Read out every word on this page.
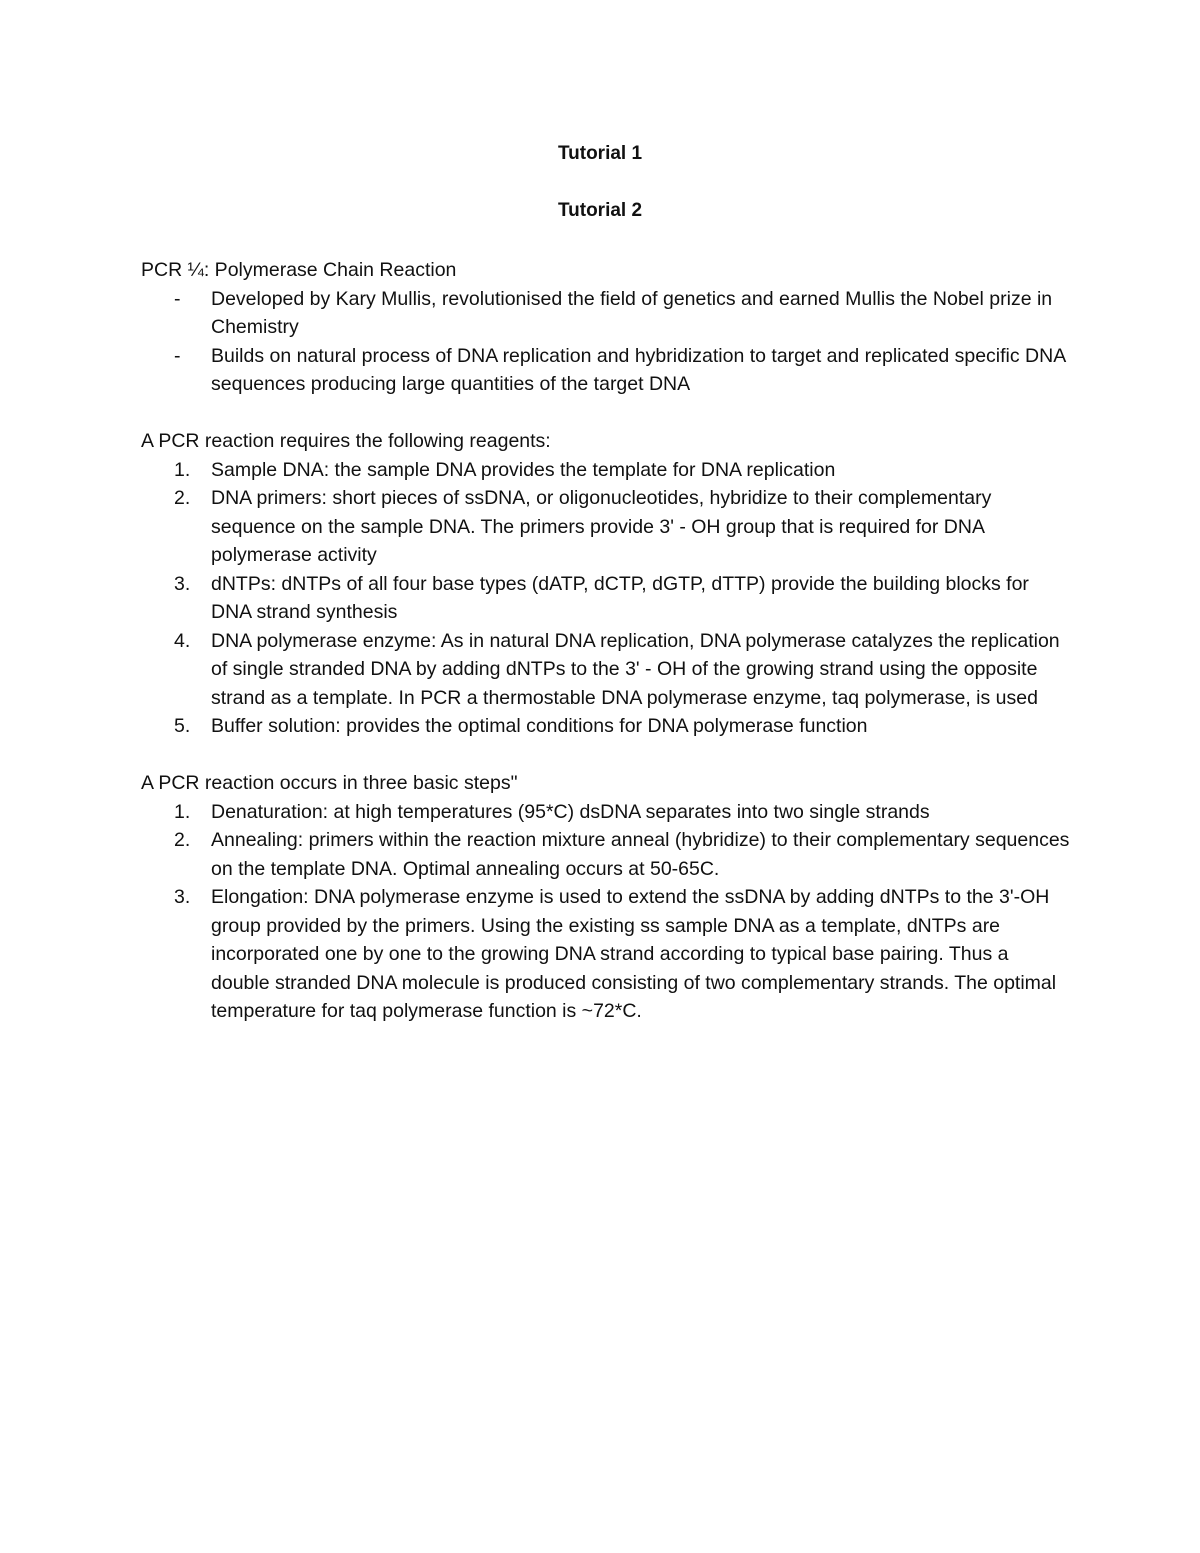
Tutorial 1
Tutorial 2
PCR ¼: Polymerase Chain Reaction
-	Developed by Kary Mullis, revolutionised the field of genetics and earned Mullis the Nobel prize in Chemistry
-	Builds on natural process of DNA replication and hybridization to target and replicated specific DNA sequences producing large quantities of the target DNA
A PCR reaction requires the following reagents:
1.	Sample DNA: the sample DNA provides the template for DNA replication
2.	DNA primers: short pieces of ssDNA, or oligonucleotides, hybridize to their complementary sequence on the sample DNA. The primers provide 3' - OH group that is required for DNA polymerase activity
3.	dNTPs: dNTPs of all four base types (dATP, dCTP, dGTP, dTTP) provide the building blocks for DNA strand synthesis
4.	DNA polymerase enzyme: As in natural DNA replication, DNA polymerase catalyzes the replication of single stranded DNA by adding dNTPs to the 3' - OH of the growing strand using the opposite strand as a template. In PCR a thermostable DNA polymerase enzyme, taq polymerase, is used
5.	Buffer solution: provides the optimal conditions for DNA polymerase function
A PCR reaction occurs in three basic steps"
1.	Denaturation: at high temperatures (95*C) dsDNA separates into two single strands
2.	Annealing: primers within the reaction mixture anneal (hybridize) to their complementary sequences on the template DNA. Optimal annealing occurs at 50-65C.
3.	Elongation: DNA polymerase enzyme is used to extend the ssDNA by adding dNTPs to the 3'-OH group provided by the primers. Using the existing ss sample DNA as a template, dNTPs are incorporated one by one to the growing DNA strand according to typical base pairing. Thus a double stranded DNA molecule is produced consisting of two complementary strands. The optimal temperature for taq polymerase function is ~72*C.
